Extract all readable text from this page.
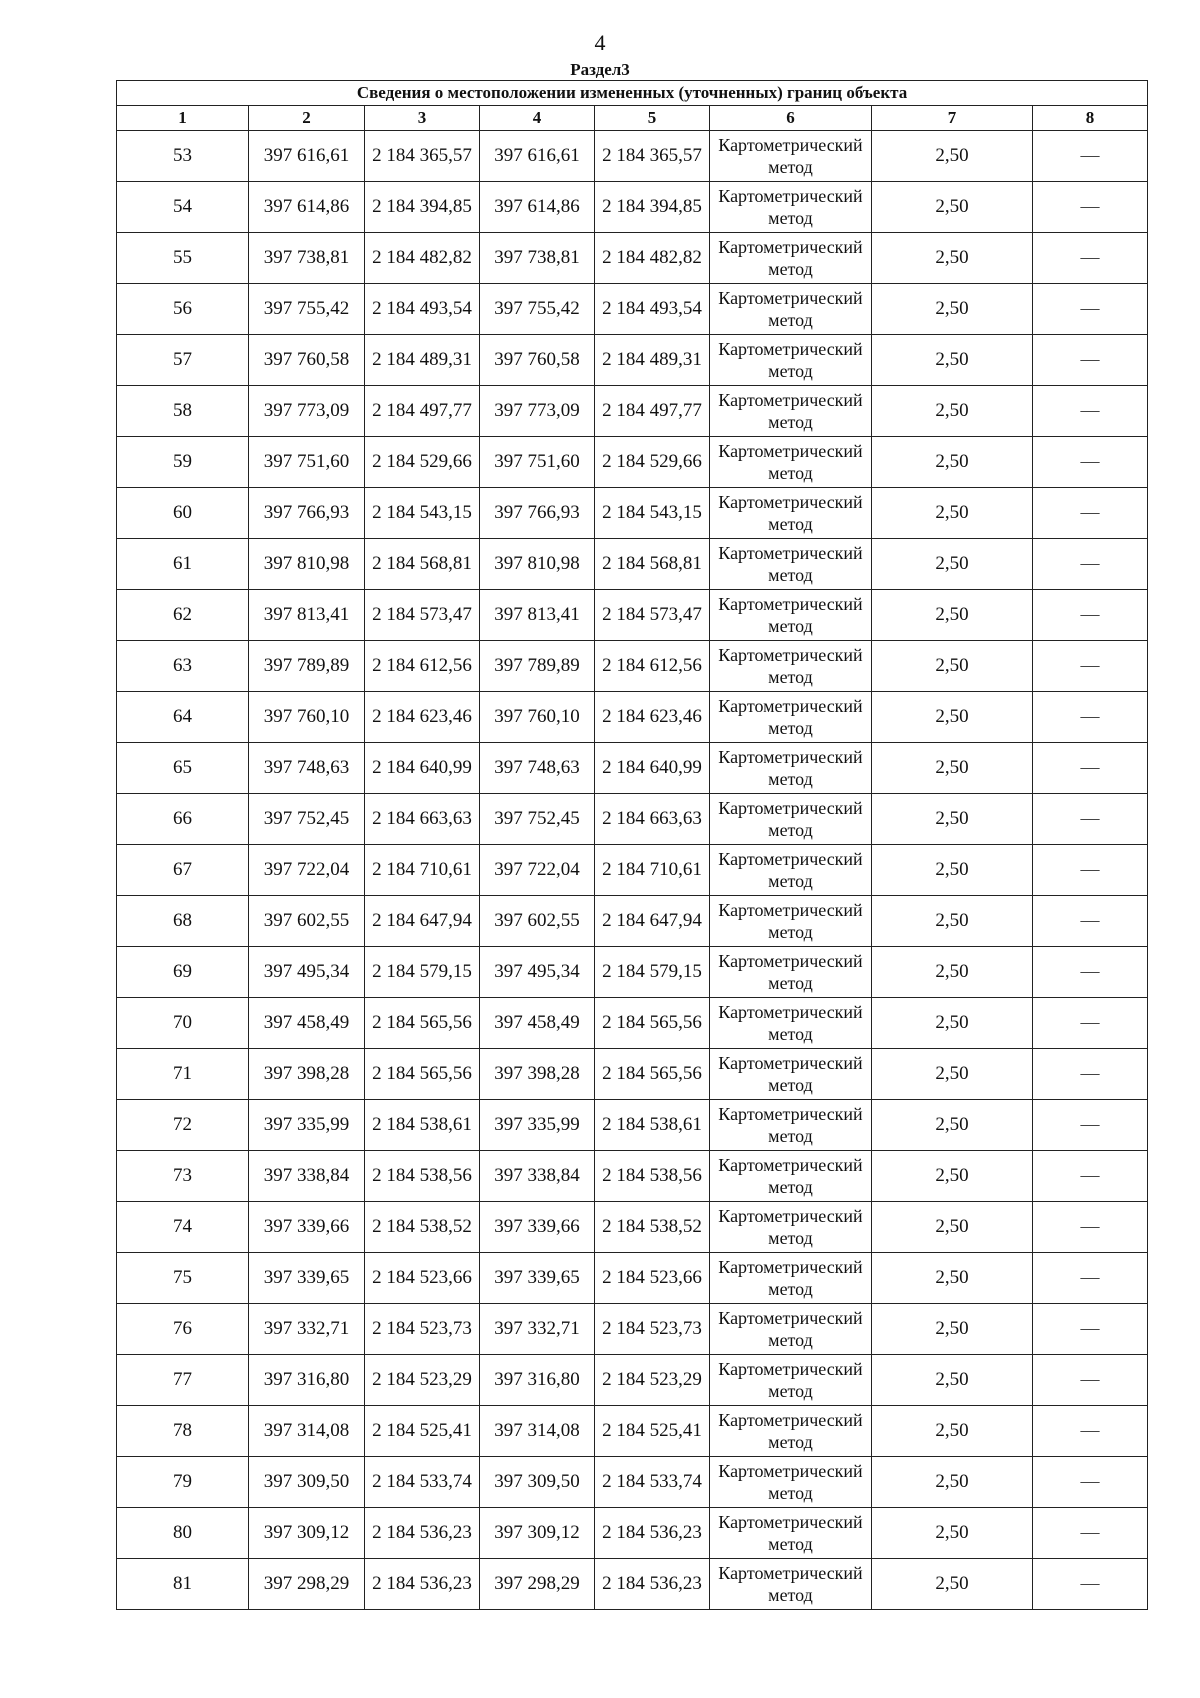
4
Раздел3
Сведения о местоположении измененных (уточненных) границ объекта							
1	2	3	4	5	6	7	8
53	397 616,61	2 184 365,57	397 616,61	2 184 365,57	Картометрический метод	2,50	—
54	397 614,86	2 184 394,85	397 614,86	2 184 394,85	Картометрический метод	2,50	—
55	397 738,81	2 184 482,82	397 738,81	2 184 482,82	Картометрический метод	2,50	—
56	397 755,42	2 184 493,54	397 755,42	2 184 493,54	Картометрический метод	2,50	—
57	397 760,58	2 184 489,31	397 760,58	2 184 489,31	Картометрический метод	2,50	—
58	397 773,09	2 184 497,77	397 773,09	2 184 497,77	Картометрический метод	2,50	—
59	397 751,60	2 184 529,66	397 751,60	2 184 529,66	Картометрический метод	2,50	—
60	397 766,93	2 184 543,15	397 766,93	2 184 543,15	Картометрический метод	2,50	—
61	397 810,98	2 184 568,81	397 810,98	2 184 568,81	Картометрический метод	2,50	—
62	397 813,41	2 184 573,47	397 813,41	2 184 573,47	Картометрический метод	2,50	—
63	397 789,89	2 184 612,56	397 789,89	2 184 612,56	Картометрический метод	2,50	—
64	397 760,10	2 184 623,46	397 760,10	2 184 623,46	Картометрический метод	2,50	—
65	397 748,63	2 184 640,99	397 748,63	2 184 640,99	Картометрический метод	2,50	—
66	397 752,45	2 184 663,63	397 752,45	2 184 663,63	Картометрический метод	2,50	—
67	397 722,04	2 184 710,61	397 722,04	2 184 710,61	Картометрический метод	2,50	—
68	397 602,55	2 184 647,94	397 602,55	2 184 647,94	Картометрический метод	2,50	—
69	397 495,34	2 184 579,15	397 495,34	2 184 579,15	Картометрический метод	2,50	—
70	397 458,49	2 184 565,56	397 458,49	2 184 565,56	Картометрический метод	2,50	—
71	397 398,28	2 184 565,56	397 398,28	2 184 565,56	Картометрический метод	2,50	—
72	397 335,99	2 184 538,61	397 335,99	2 184 538,61	Картометрический метод	2,50	—
73	397 338,84	2 184 538,56	397 338,84	2 184 538,56	Картометрический метод	2,50	—
74	397 339,66	2 184 538,52	397 339,66	2 184 538,52	Картометрический метод	2,50	—
75	397 339,65	2 184 523,66	397 339,65	2 184 523,66	Картометрический метод	2,50	—
76	397 332,71	2 184 523,73	397 332,71	2 184 523,73	Картометрический метод	2,50	—
77	397 316,80	2 184 523,29	397 316,80	2 184 523,29	Картометрический метод	2,50	—
78	397 314,08	2 184 525,41	397 314,08	2 184 525,41	Картометрический метод	2,50	—
79	397 309,50	2 184 533,74	397 309,50	2 184 533,74	Картометрический метод	2,50	—
80	397 309,12	2 184 536,23	397 309,12	2 184 536,23	Картометрический метод	2,50	—
81	397 298,29	2 184 536,23	397 298,29	2 184 536,23	Картометрический метод	2,50	—
